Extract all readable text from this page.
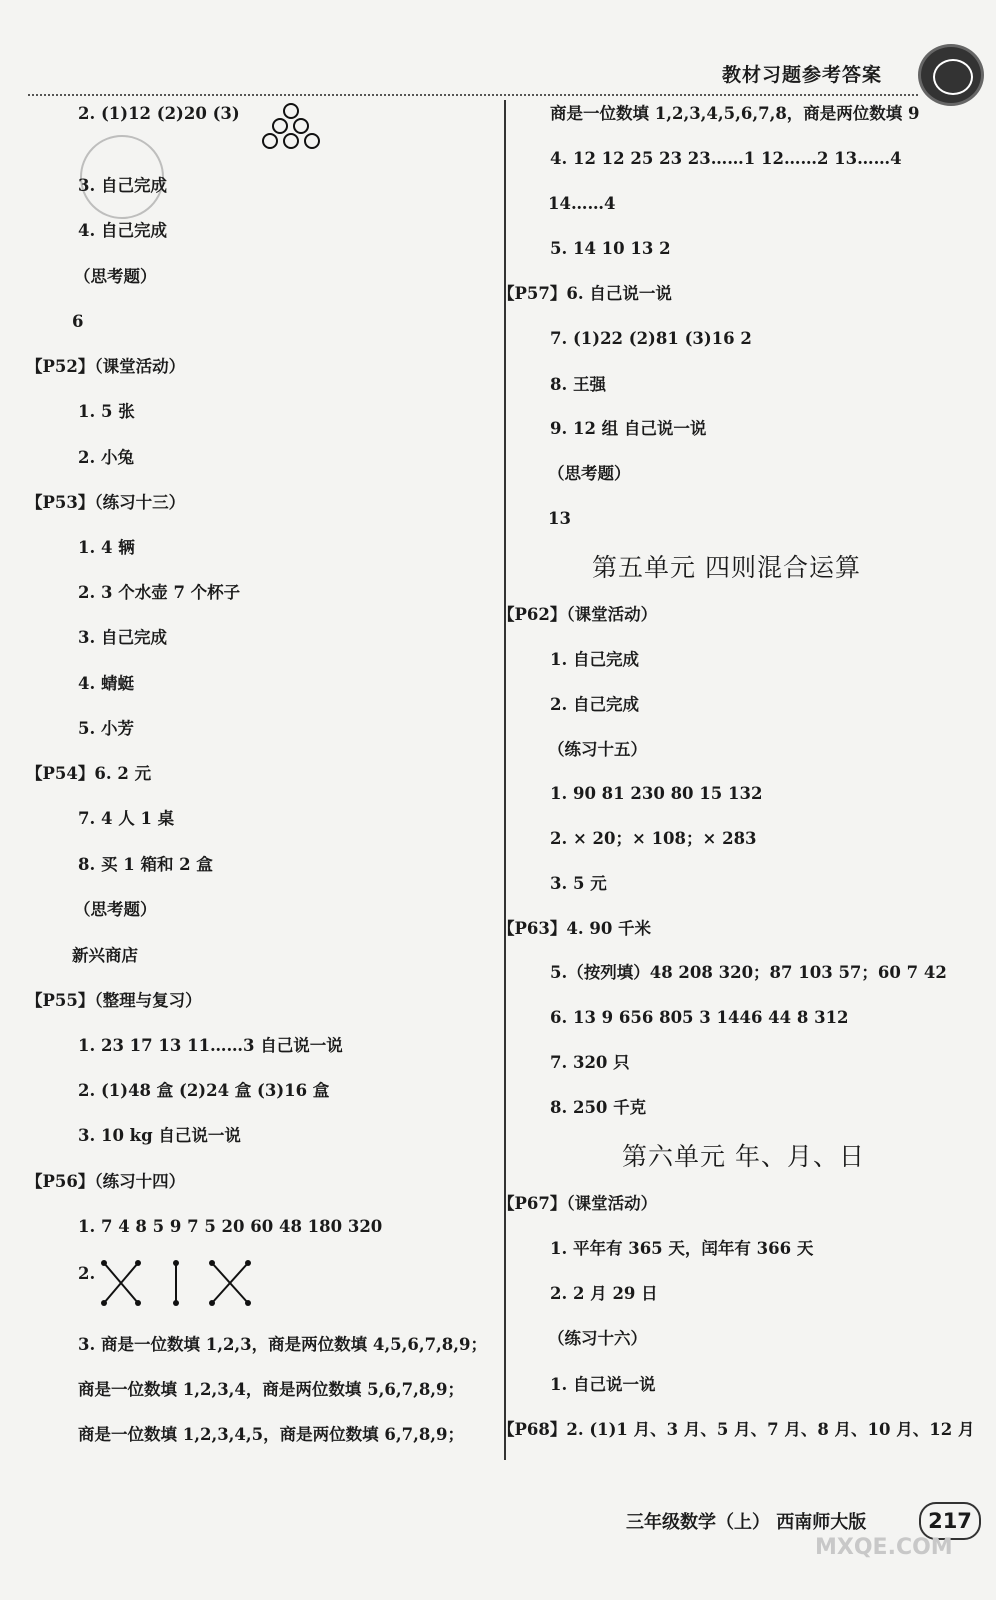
教材习题参考答案
2. (1)12 (2)20 (3)
3. 自己完成
4. 自己完成
（思考题）
6
【P52】（课堂活动）
1. 5 张
2. 小兔
【P53】（练习十三）
1. 4 辆
2. 3 个水壶 7 个杯子
3. 自己完成
4. 蜻蜓
5. 小芳
【P54】6. 2 元
7. 4 人 1 桌
8. 买 1 箱和 2 盒
（思考题）
新兴商店
【P55】（整理与复习）
1. 23 17 13 11……3 自己说一说
2. (1)48 盒 (2)24 盒 (3)16 盒
3. 10 kg 自己说一说
【P56】（练习十四）
1. 7 4 8 5 9 7 5 20 60 48 180 320
2.
3. 商是一位数填 1,2,3，商是两位数填 4,5,6,7,8,9；
商是一位数填 1,2,3,4，商是两位数填 5,6,7,8,9；
商是一位数填 1,2,3,4,5，商是两位数填 6,7,8,9；
商是一位数填 1,2,3,4,5,6,7,8，商是两位数填 9
4. 12 12 25 23 23……1 12……2 13……4
14……4
5. 14 10 13 2
【P57】6. 自己说一说
7. (1)22 (2)81 (3)16 2
8. 王强
9. 12 组 自己说一说
（思考题）
13
【P62】（课堂活动）
1. 自己完成
2. 自己完成
（练习十五）
1. 90 81 230 80 15 132
2. × 20；× 108；× 283
3. 5 元
【P63】4. 90 千米
5.（按列填）48 208 320；87 103 57；60 7 42
6. 13 9 656 805 3 1446 44 8 312
7. 320 只
8. 250 千克
【P67】（课堂活动）
1. 平年有 365 天，闰年有 366 天
2. 2 月 29 日
（练习十六）
1. 自己说一说
【P68】2. (1)1 月、3 月、5 月、7 月、8 月、10 月、12 月
第五单元 四则混合运算
第六单元 年、月、日
三年级数学（上） 西南师大版	217
MXQE.COM
